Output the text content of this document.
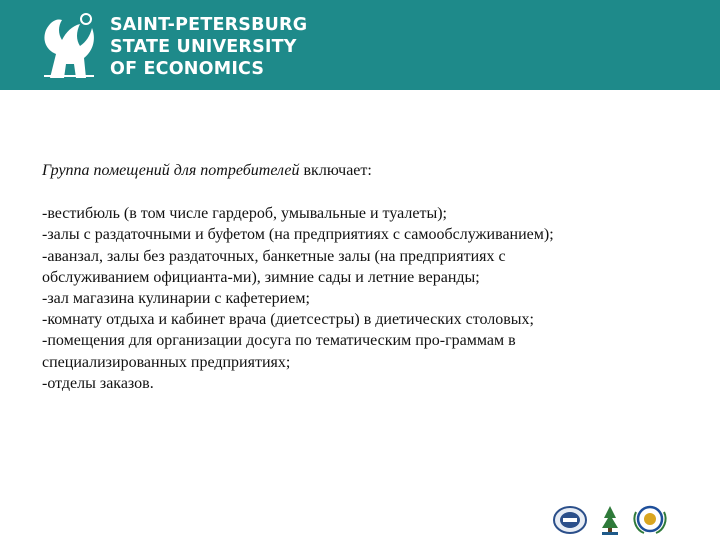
SAINT-PETERSBURG
STATE UNIVERSITY
OF ECONOMICS

Группа помещений для потребителей включает:

-вестибюль (в том числе гардероб, умывальные и туалеты);
-залы с раздаточными и буфетом (на предприятиях с самообслуживанием);
-аванзал, залы без раздаточных, банкетные залы (на предприятиях с
обслуживанием официанта-ми), зимние сады и летние веранды;
-зал магазина кулинарии с кафетерием;
-комнату отдыха и кабинет врача (диетсестры) в диетических столовых;
-помещения для организации досуга по тематическим про-граммам в
специализированных предприятиях;
-отделы заказов.
